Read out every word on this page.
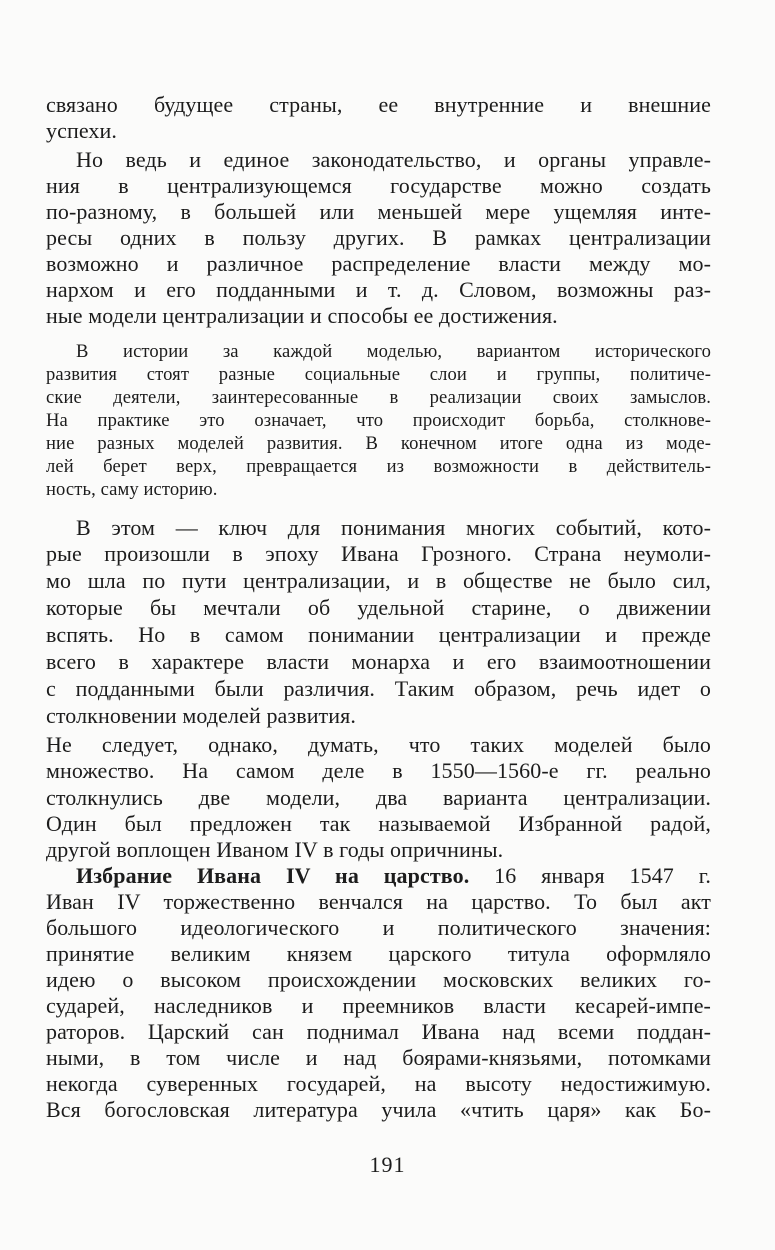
связано будущее страны, ее внутренние и внешние
успехи.
Но ведь и единое законодательство, и органы управле-
ния в централизующемся государстве можно создать
по-разному, в большей или меньшей мере ущемляя инте-
ресы одних в пользу других. В рамках централизации
возможно и различное распределение власти между мо-
нархом и его подданными и т. д. Словом, возможны раз-
ные модели централизации и способы ее достижения.
В истории за каждой моделью, вариантом исторического
развития стоят разные социальные слои и группы, политиче-
ские деятели, заинтересованные в реализации своих замыслов.
На практике это означает, что происходит борьба, столкнове-
ние разных моделей развития. В конечном итоге одна из моде-
лей берет верх, превращается из возможности в действитель-
ность, саму историю.
В этом — ключ для понимания многих событий, кото-
рые произошли в эпоху Ивана Грозного. Страна неумоли-
мо шла по пути централизации, и в обществе не было сил,
которые бы мечтали об удельной старине, о движении
вспять. Но в самом понимании централизации и прежде
всего в характере власти монарха и его взаимоотношении
с подданными были различия. Таким образом, речь идет о
столкновении моделей развития.
Не следует, однако, думать, что таких моделей было
множество. На самом деле в 1550—1560-е гг. реально
столкнулись две модели, два варианта централизации.
Один был предложен так называемой Избранной радой,
другой воплощен Иваном IV в годы опричнины.
Избрание Ивана IV на царство. 16 января 1547 г.
Иван IV торжественно венчался на царство. То был акт
большого идеологического и политического значения:
принятие великим князем царского титула оформляло
идею о высоком происхождении московских великих го-
сударей, наследников и преемников власти кесарей-импе-
раторов. Царский сан поднимал Ивана над всеми поддан-
ными, в том числе и над боярами-князьями, потомками
некогда суверенных государей, на высоту недостижимую.
Вся богословская литература учила «чтить царя» как Бо-
191
